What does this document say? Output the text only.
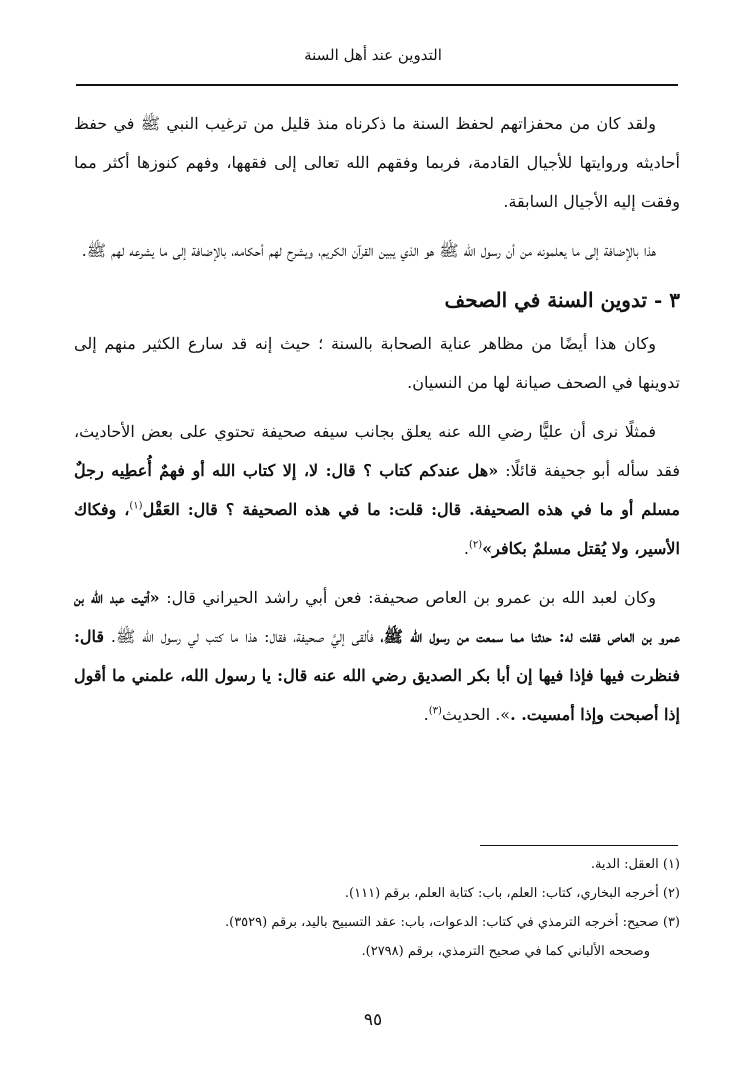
التدوين عند أهل السنة

ولقد كان من محفزاتهم لحفظ السنة ما ذكرناه منذ قليل من ترغيب النبي ﷺ في حفظ أحاديثه وروايتها للأجيال القادمة، فربما وفقهم الله تعالى إلى فقهها، وفهم كنوزها أكثر مما وفقت إليه الأجيال السابقة.

هذا بالإضافة إلى ما يعلمونه من أن رسول الله ﷺ هو الذي يبين القرآن الكريم، ويشرح لهم أحكامه، بالإضافة إلى ما يشرعه لهم ﷺ.

٣ - تدوين السنة في الصحف

وكان هذا أيضًا من مظاهر عناية الصحابة بالسنة ؛ حيث إنه قد سارع الكثير منهم إلى تدوينها في الصحف صيانة لها من النسيان.

فمثلًا نرى أن عليًّا رضي الله عنه يعلق بجانب سيفه صحيفة تحتوي على بعض الأحاديث، فقد سأله أبو جحيفة قائلًا: «هل عندكم كتاب ؟ قال: لا، إلا كتاب الله أو فهمٌ أُعطِيه رجلٌ مسلم أو ما في هذه الصحيفة. قال: قلت: ما في هذه الصحيفة ؟ قال: العَقْل$^{(١)}$، وفكاك الأسير، ولا يُقتل مسلمٌ بكافر»$^{(٢)}$.

وكان لعبد الله بن عمرو بن العاص صحيفة: فعن أبي راشد الحيراني قال: «أتيت عبد الله بن عمرو بن العاص فقلت له: حدثنا مما سمعت من رسول الله ﷺ، فألقى إليَّ صحيفة، فقال: هذا ما كتب لي رسول الله ﷺ. قال: فنظرت فيها فإذا فيها إن أبا بكر الصديق رضي الله عنه قال: يا رسول الله، علمني ما أقول إذا أصبحت وإذا أمسيت. .». الحديث$^{(٣)}$.

(١) العقل: الدية.
(٢) أخرجه البخاري، كتاب: العلم، باب: كتابة العلم، برقم (١١١).
(٣) صحيح: أخرجه الترمذي في كتاب: الدعوات، باب: عقد التسبيح باليد، برقم (٣٥٢٩).
وصححه الألباني كما في صحيح الترمذي، برقم (٢٧٩٨).
٩٥
